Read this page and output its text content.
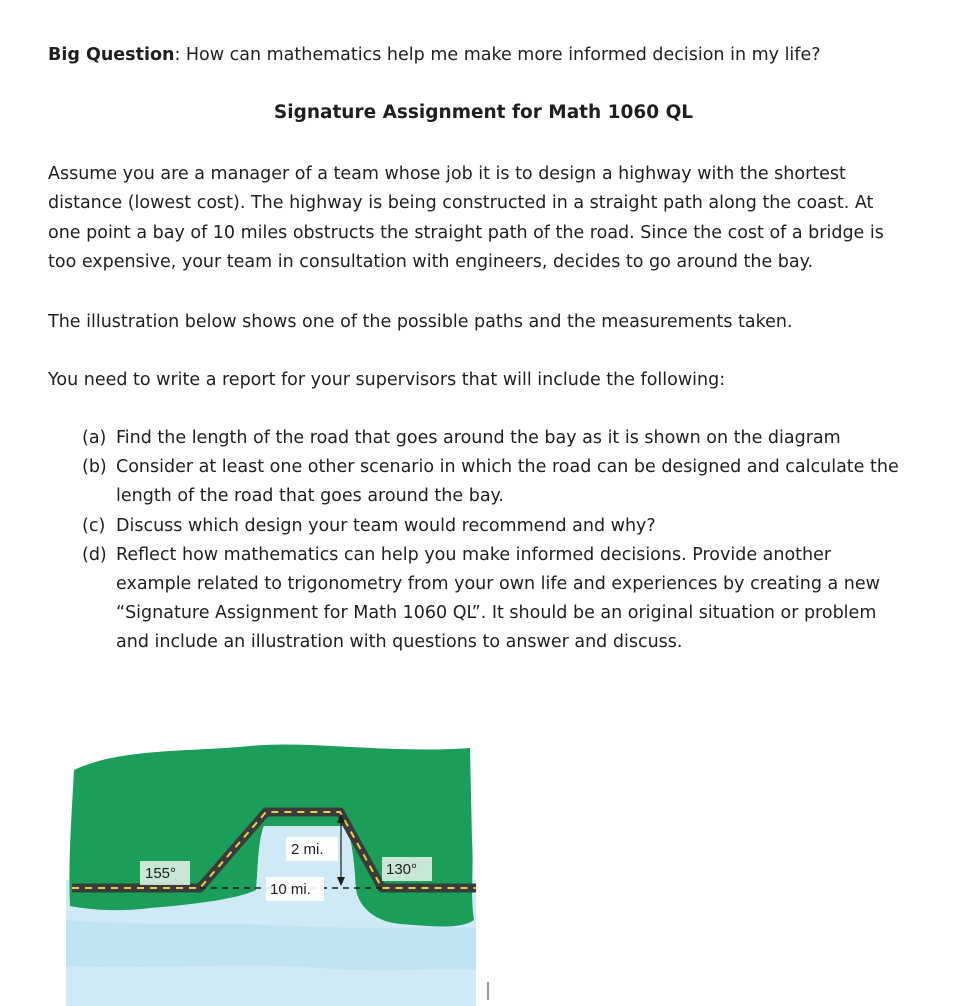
Big Question: How can mathematics help me make more informed decision in my life?
Signature Assignment for Math 1060 QL

Assume you are a manager of a team whose job it is to design a highway with the shortest

distance (lowest cost). The highway is being constructed in a straight path along the coast. At

one point a bay of 10 miles obstructs the straight path of the road. Since the cost of a bridge is

too expensive, your team in consultation with engineers, decides to go around the bay.

The illustration below shows one of the possible paths and the measurements taken.
You need to write a report for your supervisors that will include the following:
(a) Find the length of the road that goes around the bay as it is shown on the diagram
(b) Consider at least one other scenario in which the road can be designed and calculate the
length of the road that goes around the bay.
(c) Discuss which design your team would recommend and why?
(d) Reflect how mathematics can help you make informed decisions. Provide another
example related to trigonometry from your own life and experiences by creating a new
“Signature Assignment for Math 1060 QL”. It should be an original situation or problem
and include an illustration with questions to answer and discuss.
2 mi.
10 mi.
155°	130°
